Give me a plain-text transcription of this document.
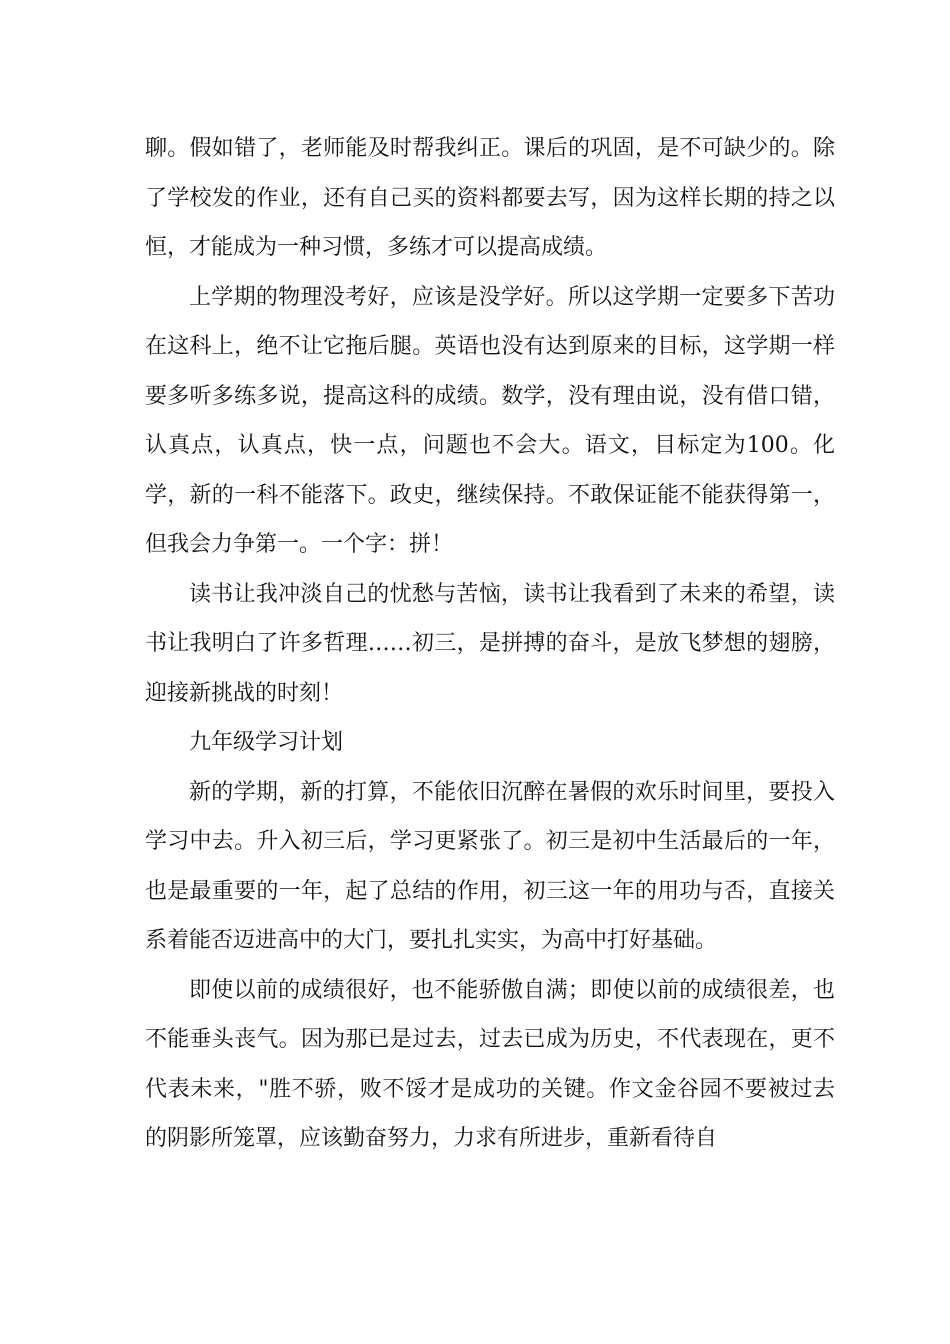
聊。假如错了，老师能及时帮我纠正。课后的巩固，是不可缺少的。除了学校发的作业，还有自己买的资料都要去写，因为这样长期的持之以恒，才能成为一种习惯，多练才可以提高成绩。

上学期的物理没考好，应该是没学好。所以这学期一定要多下苦功在这科上，绝不让它拖后腿。英语也没有达到原来的目标，这学期一样要多听多练多说，提高这科的成绩。数学，没有理由说，没有借口错，认真点，认真点，快一点，问题也不会大。语文，目标定为100。化学，新的一科不能落下。政史，继续保持。不敢保证能不能获得第一，但我会力争第一。一个字：拼！

读书让我冲淡自己的忧愁与苦恼，读书让我看到了未来的希望，读书让我明白了许多哲理……初三，是拼搏的奋斗，是放飞梦想的翅膀，迎接新挑战的时刻！

九年级学习计划

新的学期，新的打算，不能依旧沉醉在暑假的欢乐时间里，要投入学习中去。升入初三后，学习更紧张了。初三是初中生活最后的一年，也是最重要的一年，起了总结的作用，初三这一年的用功与否，直接关系着能否迈进高中的大门，要扎扎实实，为高中打好基础。

即使以前的成绩很好，也不能骄傲自满；即使以前的成绩很差，也不能垂头丧气。因为那已是过去，过去已成为历史，不代表现在，更不代表未来，"胜不骄，败不馁才是成功的关键。作文金谷园不要被过去的阴影所笼罩，应该勤奋努力，力求有所进步，重新看待自
